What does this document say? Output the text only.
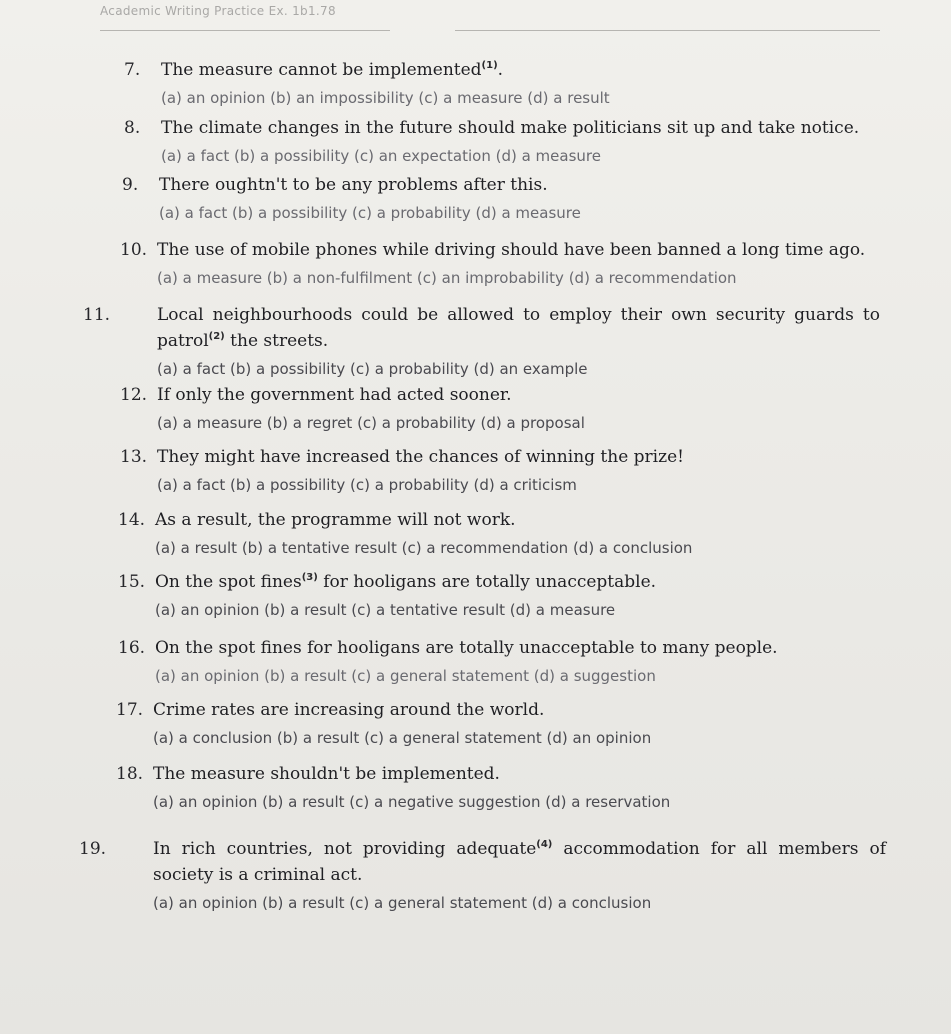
Academic Writing Practice Ex. 1b1.78
7. The measure cannot be implemented$^{(1)}$.
(a) an opinion (b) an impossibility (c) a measure (d) a result
8. The climate changes in the future should make politicians sit up and take notice.
(a) a fact (b) a possibility (c) an expectation (d) a measure
9. There oughtn't to be any problems after this.
(a) a fact (b) a possibility (c) a probability (d) a measure
10. The use of mobile phones while driving should have been banned a long time ago.
(a) a measure (b) a non-fulfilment (c) an improbability (d) a recommendation
11.	Local neighbourhoods could be allowed to employ their own security guards to patrol$^{(2)}$ the streets.
(a) a fact (b) a possibility (c) a probability (d) an example
12. If only the government had acted sooner.
(a) a measure (b) a regret (c) a probability (d) a proposal
13. They might have increased the chances of winning the prize!
(a) a fact (b) a possibility (c) a probability (d) a criticism
14. As a result, the programme will not work.
(a) a result (b) a tentative result (c) a recommendation (d) a conclusion
15. On the spot fines$^{(3)}$ for hooligans are totally unacceptable.
(a) an opinion (b) a result (c) a tentative result (d) a measure
16. On the spot fines for hooligans are totally unacceptable to many people.
(a) an opinion (b) a result (c) a general statement (d) a suggestion
17. Crime rates are increasing around the world.
(a) a conclusion (b) a result (c) a general statement (d) an opinion
18. The measure shouldn't be implemented.
(a) an opinion (b) a result (c) a negative suggestion (d) a reservation
19.	In rich countries, not providing adequate$^{(4)}$ accommodation for all members of society is a criminal act.
(a) an opinion (b) a result (c) a general statement (d) a conclusion
